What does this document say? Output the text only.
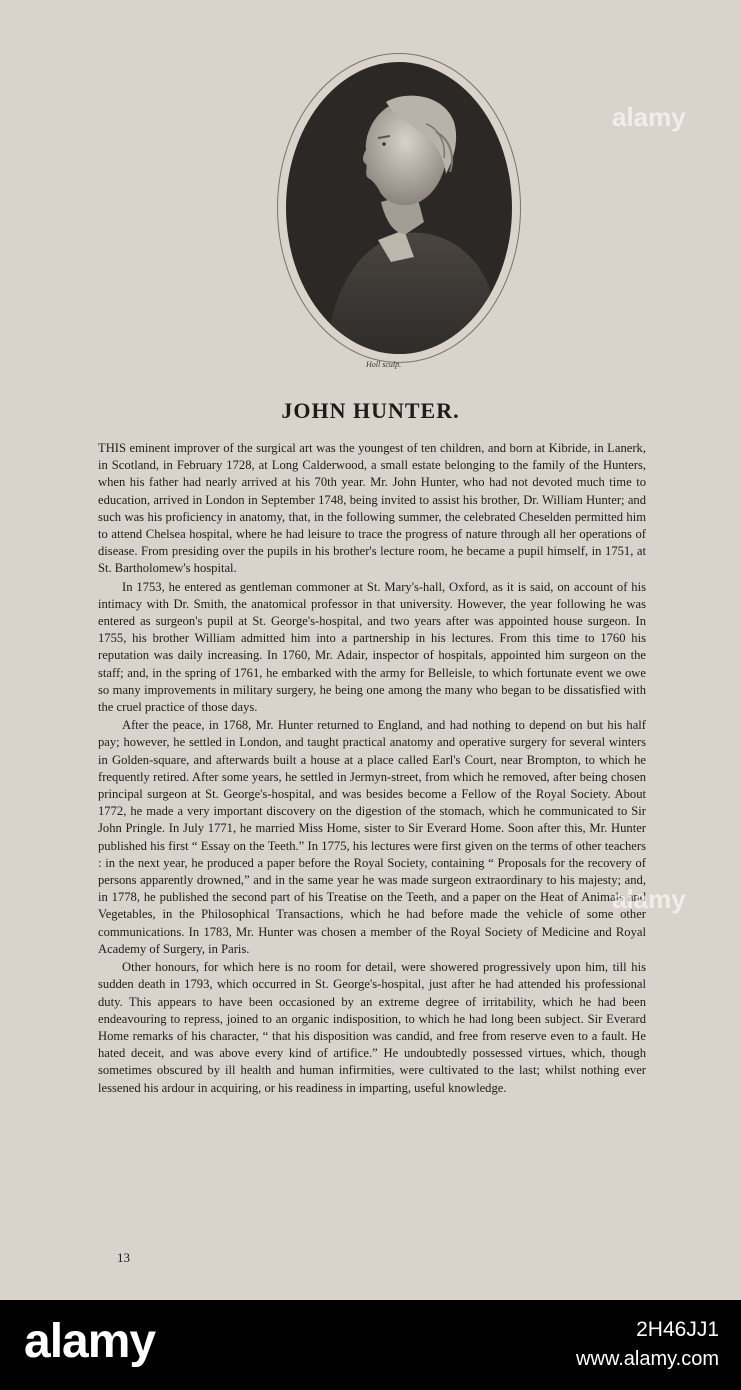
Holl sculp.
JOHN HUNTER.

THIS eminent improver of the surgical art was the youngest of ten children, and born at Kibride, in Lanerk, in Scotland, in February 1728, at Long Calderwood, a small estate belonging to the family of the Hunters, when his father had nearly arrived at his 70th year. Mr. John Hunter, who had not devoted much time to education, arrived in London in September 1748, being invited to assist his brother, Dr. William Hunter; and such was his proficiency in anatomy, that, in the following summer, the celebrated Cheselden permitted him to attend Chelsea hospital, where he had leisure to trace the progress of nature through all her operations of disease. From presiding over the pupils in his brother's lecture room, he became a pupil himself, in 1751, at St. Bartholomew's hospital.

In 1753, he entered as gentleman commoner at St. Mary's-hall, Oxford, as it is said, on account of his intimacy with Dr. Smith, the anatomical professor in that university. However, the year following he was entered as surgeon's pupil at St. George's-hospital, and two years after was appointed house surgeon. In 1755, his brother William admitted him into a partnership in his lectures. From this time to 1760 his reputation was daily increasing. In 1760, Mr. Adair, inspector of hospitals, appointed him surgeon on the staff; and, in the spring of 1761, he embarked with the army for Belleisle, to which fortunate event we owe so many improvements in military surgery, he being one among the many who began to be dissatisfied with the cruel practice of those days.

After the peace, in 1768, Mr. Hunter returned to England, and had nothing to depend on but his half pay; however, he settled in London, and taught practical anatomy and operative surgery for several winters in Golden-square, and afterwards built a house at a place called Earl's Court, near Brompton, to which he frequently retired. After some years, he settled in Jermyn-street, from which he removed, after being chosen principal surgeon at St. George's-hospital, and was besides become a Fellow of the Royal Society. About 1772, he made a very important discovery on the digestion of the stomach, which he communicated to Sir John Pringle. In July 1771, he married Miss Home, sister to Sir Everard Home. Soon after this, Mr. Hunter published his first “ Essay on the Teeth.” In 1775, his lectures were first given on the terms of other teachers : in the next year, he produced a paper before the Royal Society, containing “ Proposals for the recovery of persons apparently drowned,” and in the same year he was made surgeon extraordinary to his majesty; and, in 1778, he published the second part of his Treatise on the Teeth, and a paper on the Heat of Animals and Vegetables, in the Philosophical Transactions, which he had before made the vehicle of some other communications. In 1783, Mr. Hunter was chosen a member of the Royal Society of Medicine and Royal Academy of Surgery, in Paris.

Other honours, for which here is no room for detail, were showered progressively upon him, till his sudden death in 1793, which occurred in St. George's-hospital, just after he had attended his professional duty. This appears to have been occasioned by an extreme degree of irritability, which he had been endeavouring to repress, joined to an organic indisposition, to which he had long been subject. Sir Everard Home remarks of his character, “ that his disposition was candid, and free from reserve even to a fault. He hated deceit, and was above every kind of artifice.” He undoubtedly possessed virtues, which, though sometimes obscured by ill health and human infirmities, were cultivated to the last; whilst nothing ever lessened his ardour in acquiring, or his readiness in imparting, useful knowledge.

13
alamy
alamy
alamy	2H46JJ1
www.alamy.com
